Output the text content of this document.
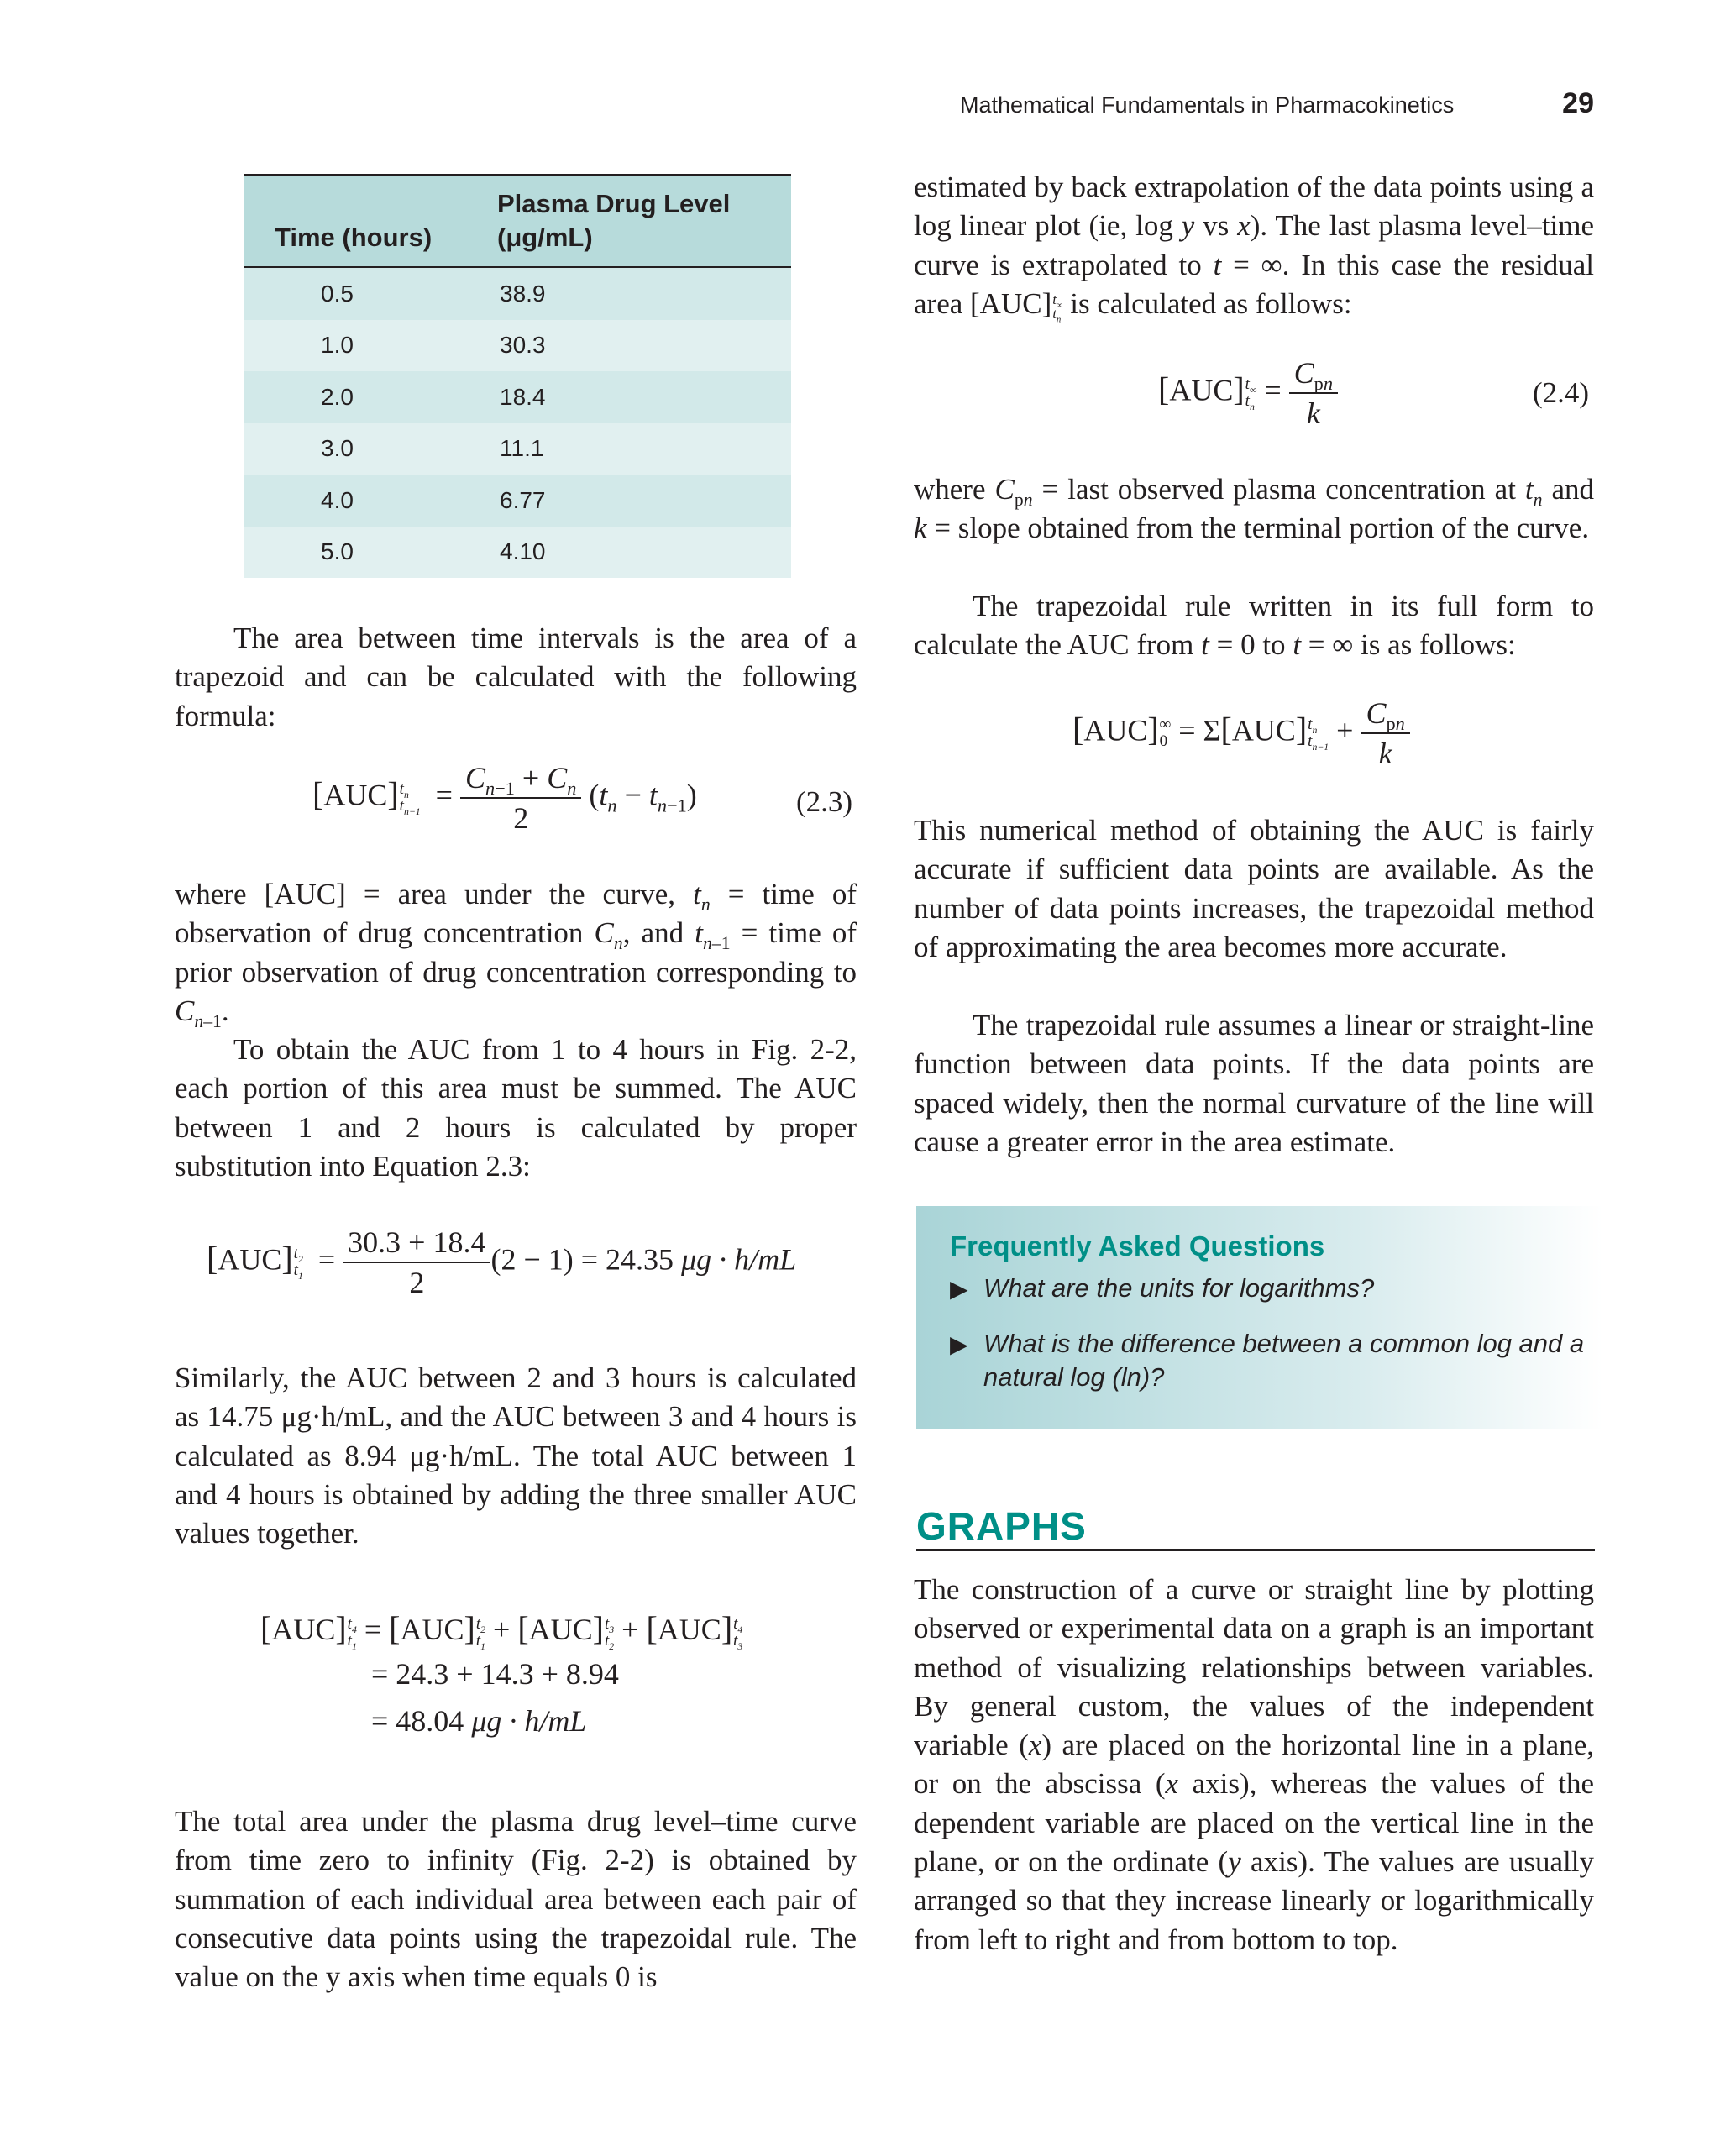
Mathematical Fundamentals in Pharmacokinetics	29
Time (hours)	Plasma Drug Level
(μg/mL)
0.5	38.9
1.0	30.3
2.0	18.4
3.0	11.1
4.0	6.77
5.0	4.10

The area between time intervals is the area of a trapezoid and can be calculated with the following formula:

[AUC] $t_n$
$t_{n-1}$
= $\frac{C_{n-1} + C_n}{2} (t_n - t_{n-1})$	(2.3)

where [AUC] = area under the curve, $t_n$ = time of observation of drug concentration $C_n$, and $t_{n-1}$ = time of prior observation of drug concentration corresponding to $C_{n-1}$.

To obtain the AUC from 1 to 4 hours in Fig. 2-2, each portion of this area must be summed. The AUC between 1 and 2 hours is calculated by proper substitution into Equation 2.3:

[AUC] $t_2$
$t_1$
= $\frac{30.3 + 18.4}{2} (2 - 1) = 24.35$ μg · h/mL

Similarly, the AUC between 2 and 3 hours is calculated as 14.75 μg·h/mL, and the AUC between 3 and 4 hours is calculated as 8.94 μg·h/mL. The total AUC between 1 and 4 hours is obtained by adding the three smaller AUC values together.

[AUC] $t_4$
$t_1$
= [AUC] $t_2$
$t_1$
+ [AUC] $t_3$
$t_2$
+ [AUC] $t_4$
$t_3$
= 24.3 + 14.3 + 8.94
= 48.04 μg · h/mL

The total area under the plasma drug level–time curve from time zero to infinity (Fig. 2-2) is obtained by summation of each individual area between each pair of consecutive data points using the trapezoidal rule. The value on the y axis when time equals 0 is

estimated by back extrapolation of the data points using a log linear plot (ie, log y vs x). The last plasma level–time curve is extrapolated to t = ∞. In this case the residual area [AUC] $t_\infty$
$t_n$ is calculated as follows:

[AUC] $t_\infty$
$t_n$
= $\frac{C_{pn}}{k}$	(2.4)

where $C_{pn}$ = last observed plasma concentration at $t_n$ and k = slope obtained from the terminal portion of the curve.

The trapezoidal rule written in its full form to calculate the AUC from t = 0 to t = ∞ is as follows:

[AUC] ∞
0 = Σ[AUC] $t_n$
$t_{n-1}$
+ $\frac{C_{pn}}{k}$

This numerical method of obtaining the AUC is fairly accurate if sufficient data points are available. As the number of data points increases, the trapezoidal method of approximating the area becomes more accurate.

The trapezoidal rule assumes a linear or straight-line function between data points. If the data points are spaced widely, then the normal curvature of the line will cause a greater error in the area estimate.

Frequently Asked Questions
▶ What are the units for logarithms?
▶ What is the difference between a common log and a natural log (ln)?
GRAPHS

The construction of a curve or straight line by plotting observed or experimental data on a graph is an important method of visualizing relationships between variables. By general custom, the values of the independent variable (x) are placed on the horizontal line in a plane, or on the abscissa (x axis), whereas the values of the dependent variable are placed on the vertical line in the plane, or on the ordinate (y axis). The values are usually arranged so that they increase linearly or logarithmically from left to right and from bottom to top.
